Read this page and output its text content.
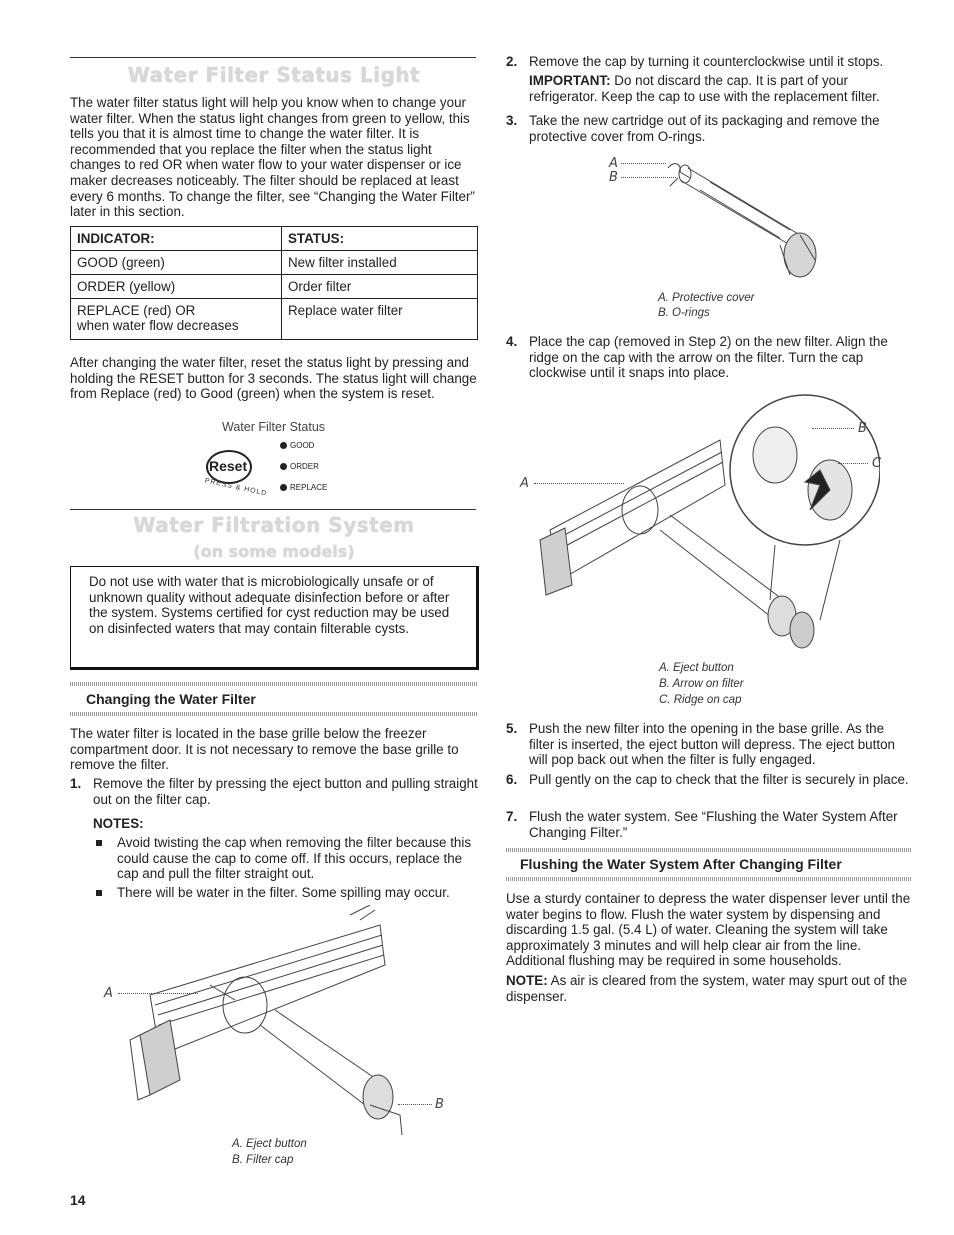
Water Filter Status Light

The water filter status light will help you know when to change your water filter. When the status light changes from green to yellow, this tells you that it is almost time to change the water filter. It is recommended that you replace the filter when the status light changes to red OR when water flow to your water dispenser or ice maker decreases noticeably. The filter should be replaced at least every 6 months. To change the filter, see “Changing the Water Filter” later in this section.

INDICATOR:	STATUS:
GOOD (green)	New filter installed
ORDER (yellow)	Order filter

REPLACE (red) OR
when water flow decreases	Replace water filter

After changing the water filter, reset the status light by pressing and holding the RESET button for 3 seconds. The status light will change from Replace (red) to Good (green) when the system is reset.

Water Filter Status
Reset
PRESS & HOLD
GOOD
ORDER
REPLACE
Water Filtration System
(on some models)

Do not use with water that is microbiologically unsafe or of unknown quality without adequate disinfection before or after the system. Systems certified for cyst reduction may be used on disinfected waters that may contain filterable cysts.

Changing the Water Filter

The water filter is located in the base grille below the freezer compartment door. It is not necessary to remove the base grille to remove the filter.

1. Remove the filter by pressing the eject button and pulling straight out on the filter cap.

NOTES:

Avoid twisting the cap when removing the filter because this could cause the cap to come off. If this occurs, replace the cap and pull the filter straight out.

There will be water in the filter. Some spilling may occur.

A
B
A. Eject button
B. Filter cap
14
2. Remove the cap by turning it counterclockwise until it stops.

IMPORTANT: Do not discard the cap. It is part of your refrigerator. Keep the cap to use with the replacement filter.

3. Take the new cartridge out of its packaging and remove the protective cover from O-rings.

A
B
A. Protective cover
B. O-rings
4. Place the cap (removed in Step 2) on the new filter. Align the ridge on the cap with the arrow on the filter. Turn the cap clockwise until it snaps into place.

A
B
C
A. Eject button
B. Arrow on filter
C. Ridge on cap
5. Push the new filter into the opening in the base grille. As the filter is inserted, the eject button will depress. The eject button will pop back out when the filter is fully engaged.

6. Pull gently on the cap to check that the filter is securely in place.

7. Flush the water system. See “Flushing the Water System After Changing Filter.”

Flushing the Water System After Changing Filter

Use a sturdy container to depress the water dispenser lever until the water begins to flow. Flush the water system by dispensing and discarding 1.5 gal. (5.4 L) of water. Cleaning the system will take approximately 3 minutes and will help clear air from the line. Additional flushing may be required in some households.

NOTE: As air is cleared from the system, water may spurt out of the dispenser.
